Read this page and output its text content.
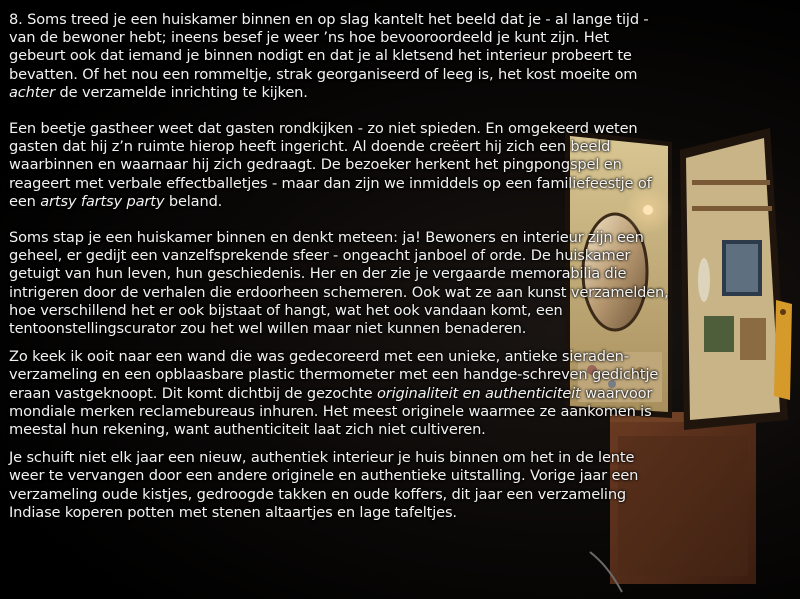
8. Soms treed je een huiskamer binnen en op slag kantelt het beeld dat je - al lange tijd - van de bewoner hebt; ineens besef je weer ’ns hoe bevooroordeeld je kunt zijn. Het gebeurt ook dat iemand je binnen nodigt en dat je al kletsend het interieur probeert te bevatten. Of het nou een rommeltje, strak georganiseerd of leeg is, het kost moeite om achter de verzamelde inrichting te kijken.

Een beetje gastheer weet dat gasten rondkijken - zo niet spieden. En omgekeerd weten gasten dat hij z’n ruimte hierop heeft ingericht. Al doende creëert hij zich een beeld waarbinnen en waarnaar hij zich gedraagt. De bezoeker herkent het pingpongspel en reageert met verbale effectballetjes - maar dan zijn we inmiddels op een familiefeestje of een artsy fartsy party beland.

Soms stap je een huiskamer binnen en denkt meteen: ja! Bewoners en interieur zijn een geheel, er gedijt een vanzelfsprekende sfeer - ongeacht janboel of orde. De huiskamer getuigt van hun leven, hun geschiedenis. Her en der zie je vergaarde memorabilia die intrigeren door de verhalen die erdoorheen schemeren. Ook wat ze aan kunst verzamelden, hoe verschillend het er ook bijstaat of hangt, wat het ook vandaan komt, een tentoonstellingscurator zou het wel willen maar niet kunnen benaderen.

Zo keek ik ooit naar een wand die was gedecoreerd met een unieke, antieke sieraden-verzameling en een opblaasbare plastic thermometer met een handge-schreven gedichtje eraan vastgeknoopt. Dit komt dichtbij de gezochte originaliteit en authenticiteit waarvoor mondiale merken reclamebureaus inhuren. Het meest originele waarmee ze aankomen is meestal hun rekening, want authenticiteit laat zich niet cultiveren.

Je schuift niet elk jaar een nieuw, authentiek interieur je huis binnen om het in de lente weer te vervangen door een andere originele en authentieke uitstalling. Vorige jaar een verzameling oude kistjes, gedroogde takken en oude koffers, dit jaar een verzameling Indiase koperen potten met stenen altaartjes en lage tafeltjes.
